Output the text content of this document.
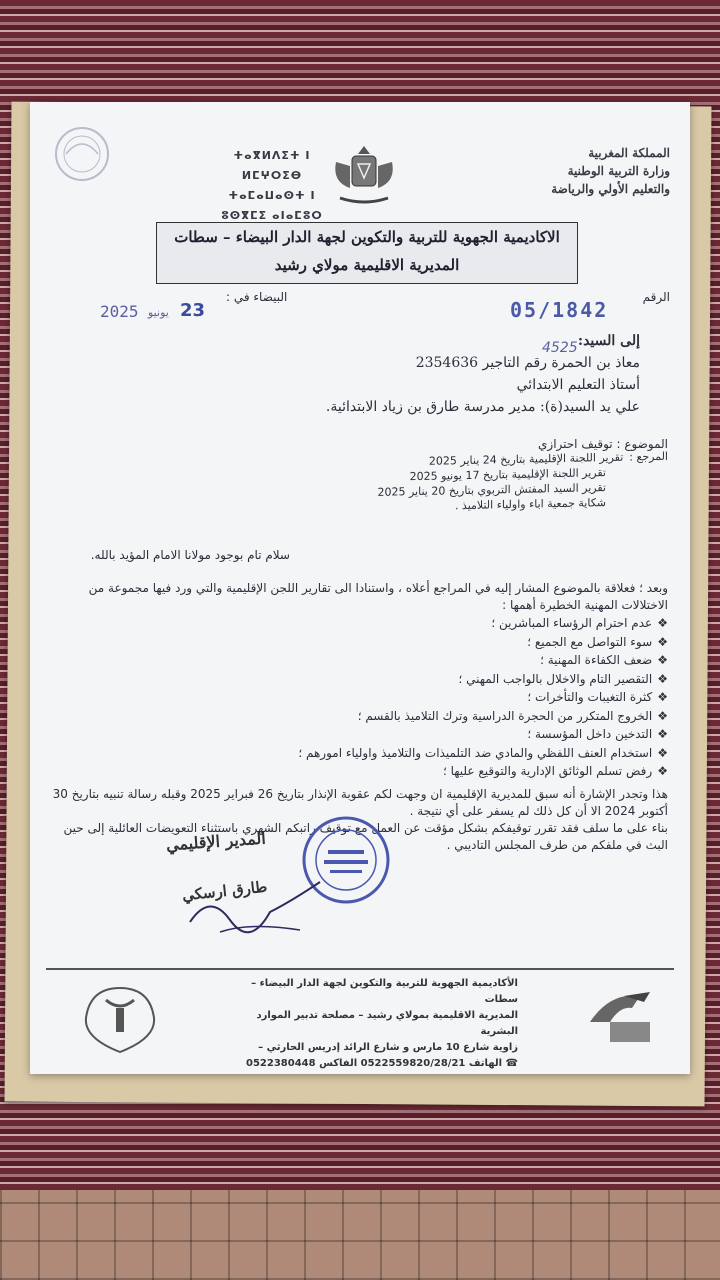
المملكة المغربية
وزارة التربية الوطنية
والتعليم الأولي والرياضة
ⵜⴰⴳⵍⴷⵉⵜ ⵏ ⵍⵎⵖⵔⵉⴱ
ⵜⴰⵎⴰⵡⴰⵙⵜ ⵏ ⵓⵙⴳⵎⵉ ⴰⵏⴰⵎⵓⵔ
الاكاديمية الجهوية للتربية والتكوين لجهة الدار البيضاء – سطات
المديرية الاقليمية مولاي رشيد
الرقم
05/1842
4525
البيضاء في :
23
يونيو
2025
إلى السيد:
معاذ بن الحمرة رقم التاجير 2354636
أستاذ التعليم الابتدائي
علي يد السيد(ة): مدير مدرسة طارق بن زياد الابتدائية.
الموضوع : توقيف احترازي
المرجع :تقرير اللجنة الإقليمية بتاريخ 24 يناير 2025
تقرير اللجنة الإقليمية بتاريخ 17 يونيو 2025
تقرير السيد المفتش التربوي بتاريخ 20 يناير 2025
شكاية جمعية اباء واولياء التلاميذ .
سلام تام بوجود مولانا الامام المؤيد بالله.
وبعد ؛ فعلاقة بالموضوع المشار إليه في المراجع أعلاه ، واستنادا الى تقارير اللجن الإقليمية والتي ورد فيها مجموعة من الاختلالات المهنية الخطيرة أهمها :
❖ عدم احترام الرؤساء المباشرين ؛
❖ سوء التواصل مع الجميع ؛
❖ ضعف الكفاءة المهنية ؛
❖ التقصير التام والاخلال بالواجب المهني ؛
❖ كثرة التغيبات والتأخرات ؛
❖ الخروج المتكرر من الحجرة الدراسية وترك التلاميذ بالقسم ؛
❖ التدخين داخل المؤسسة ؛
❖ استخدام العنف اللفظي والمادي ضد التلميذات والتلاميذ واولياء امورهم ؛
❖ رفض تسلم الوثائق الإدارية والتوقيع عليها ؛

هذا وتجدر الإشارة أنه سبق للمديرية الإقليمية ان وجهت لكم عقوبة الإنذار بتاريخ 26 فبراير 2025 وقبله رسالة تنبيه بتاريخ 30 أكتوبر 2024 الا أن كل ذلك لم يسفر على أي نتيجة .

بناء على ما سلف فقد تقرر توقيفكم بشكل مؤقت عن العمل مع توقيف راتبكم الشهري باستثناء التعويضات العائلية إلى حين البث في ملفكم من طرف المجلس التاديبي .

المدير الإقليمي
طارق ارسكي
الأكاديمية الجهوية للتربية والتكوين لجهة الدار البيضاء – سطات
المديرية الاقليمية بمولاي رشيد – مصلحة تدبير الموارد البشرية
زاوية شارع 10 مارس و شارع الرائد إدريس الحارثي –
☎ الهاتف 0522559820/28/21 الفاكس 0522380448
